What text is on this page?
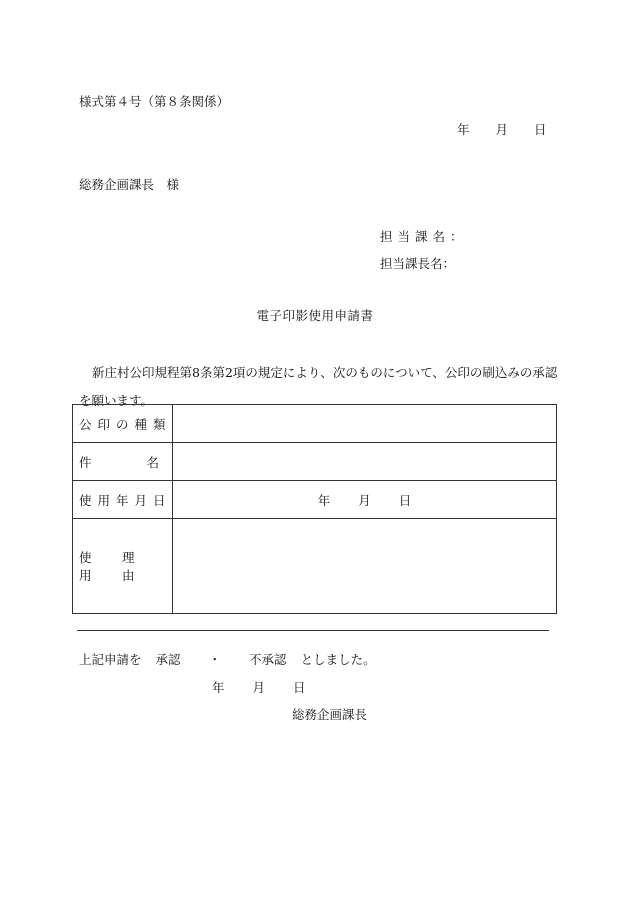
様式第４号（第８条関係）
年 月 日
総務企画課長　様
担当課名：
担当課長名：
電子印影使用申請書
新庄村公印規程第8条第2項の規定により、次のものについて、公印の刷込みの承認を願います。
公印の種類	

件 名	

使用年月日	年 月 日

使　用
理　由	

上記申請を 承認 ・ 不承認 としました。
年 月 日
総務企画課長
